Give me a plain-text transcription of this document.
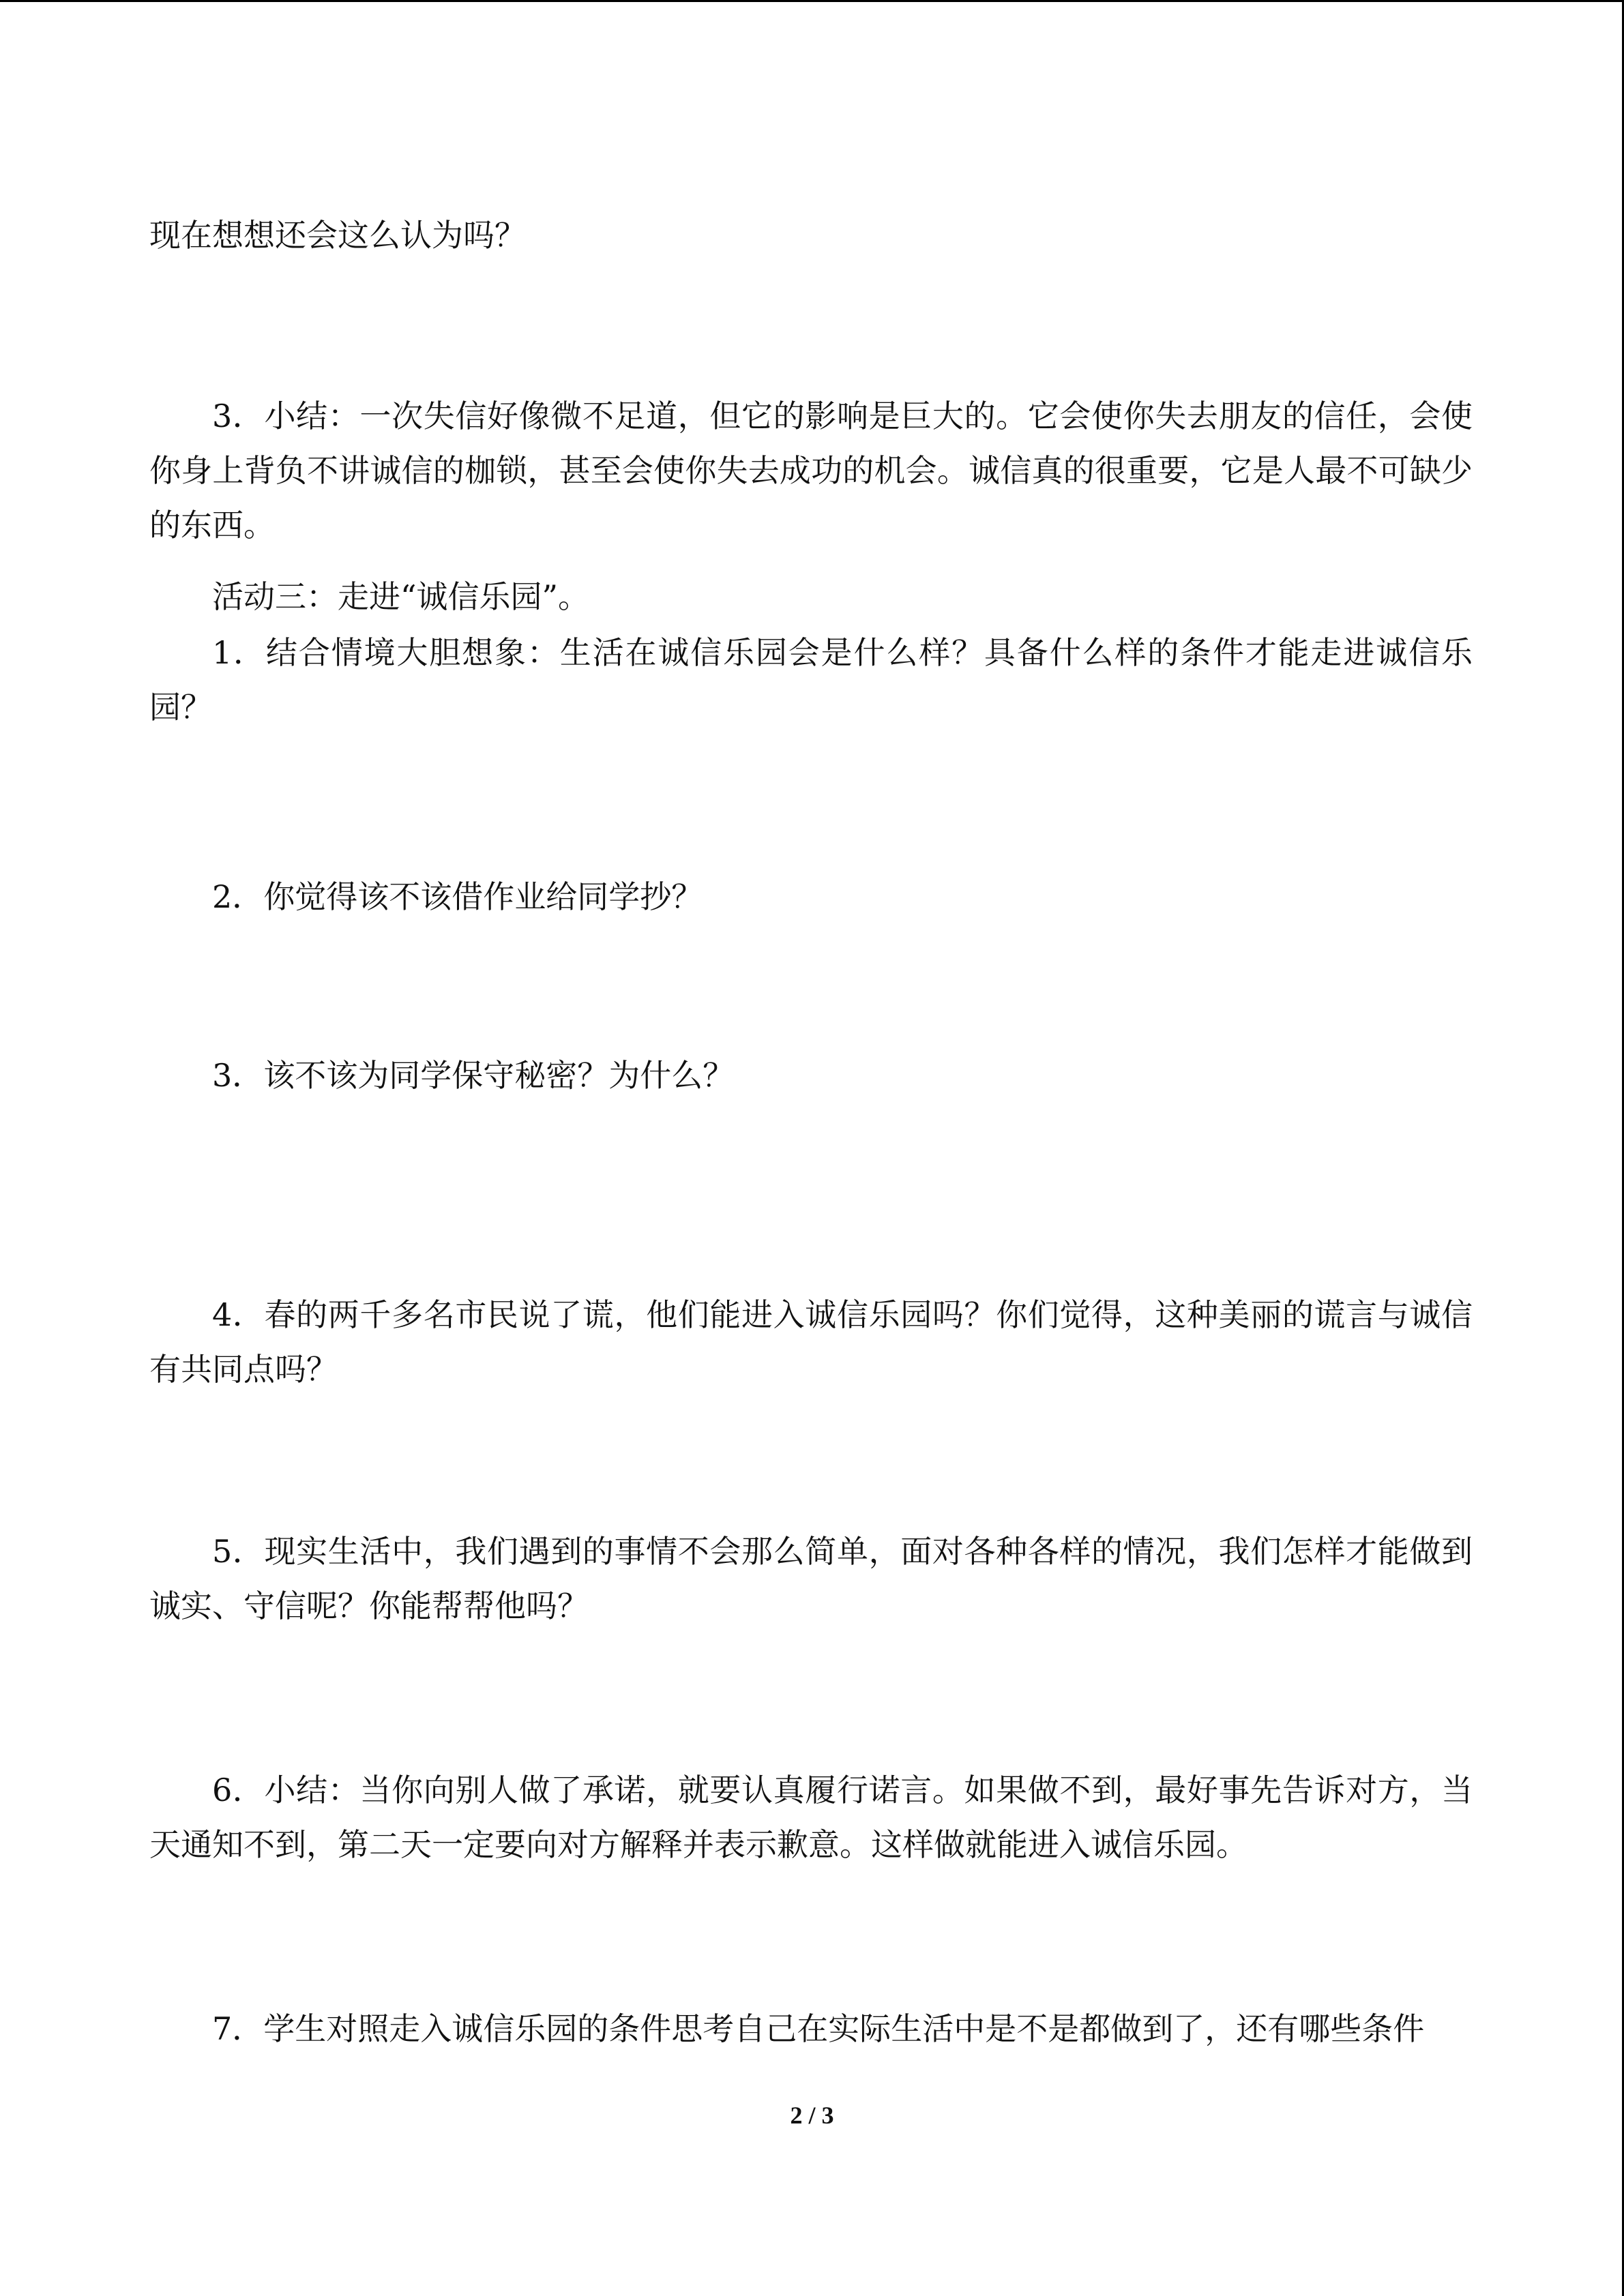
现在想想还会这么认为吗？

3．小结：一次失信好像微不足道，但它的影响是巨大的。它会使你失去朋友的信任，会使你身上背负不讲诚信的枷锁，甚至会使你失去成功的机会。诚信真的很重要，它是人最不可缺少的东西。

活动三：走进“诚信乐园”。

1．结合情境大胆想象：生活在诚信乐园会是什么样？具备什么样的条件才能走进诚信乐园？

2．你觉得该不该借作业给同学抄？

3．该不该为同学保守秘密？为什么？

4．春的两千多名市民说了谎，他们能进入诚信乐园吗？你们觉得，这种美丽的谎言与诚信有共同点吗？

5．现实生活中，我们遇到的事情不会那么简单，面对各种各样的情况，我们怎样才能做到诚实、守信呢？你能帮帮他吗？

6．小结：当你向别人做了承诺，就要认真履行诺言。如果做不到，最好事先告诉对方，当天通知不到，第二天一定要向对方解释并表示歉意。这样做就能进入诚信乐园。

7．学生对照走入诚信乐园的条件思考自己在实际生活中是不是都做到了，还有哪些条件

2 / 3
